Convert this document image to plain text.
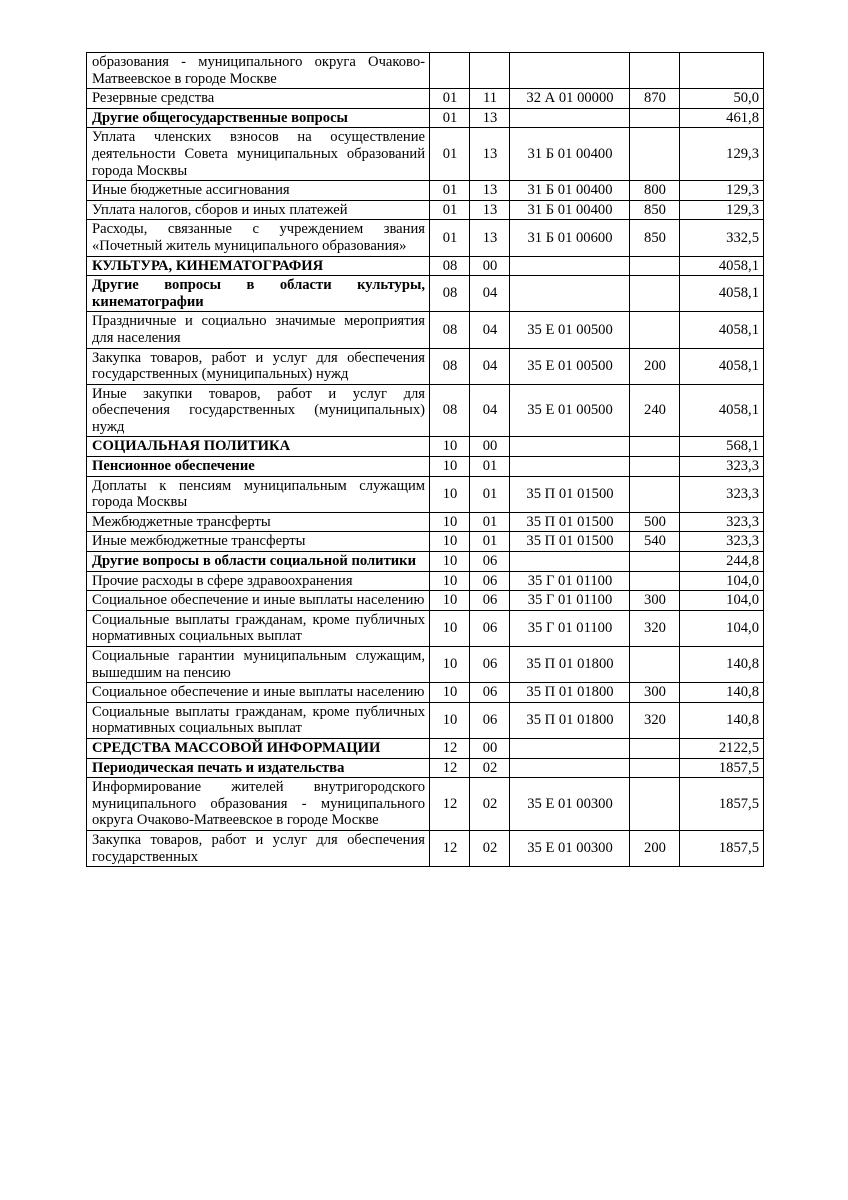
образования - муниципального округа Очаково-Матвеевское в городе Москве					
Резервные средства	01	11	32 А 01 00000	870	50,0
Другие общегосударственные вопросы	01	13			461,8
Уплата членских взносов на осуществление деятельности Совета муниципальных образований города Москвы	01	13	31 Б 01 00400		129,3
Иные бюджетные ассигнования	01	13	31 Б 01 00400	800	129,3
Уплата налогов, сборов и иных платежей	01	13	31 Б 01 00400	850	129,3
Расходы, связанные с учреждением звания «Почетный житель муниципального образования»	01	13	31 Б 01 00600	850	332,5
КУЛЬТУРА, КИНЕМАТОГРАФИЯ	08	00			4058,1
Другие вопросы в области культуры, кинематографии	08	04			4058,1
Праздничные и социально значимые мероприятия для населения	08	04	35 Е 01 00500		4058,1
Закупка товаров, работ и услуг для обеспечения государственных (муниципальных) нужд	08	04	35 Е 01 00500	200	4058,1
Иные закупки товаров, работ и услуг для обеспечения государственных (муниципальных) нужд	08	04	35 Е 01 00500	240	4058,1
СОЦИАЛЬНАЯ ПОЛИТИКА	10	00			568,1
Пенсионное обеспечение	10	01			323,3
Доплаты к пенсиям муниципальным служащим города Москвы	10	01	35 П 01 01500		323,3
Межбюджетные трансферты	10	01	35 П 01 01500	500	323,3
Иные межбюджетные трансферты	10	01	35 П 01 01500	540	323,3
Другие вопросы в области социальной политики	10	06			244,8
Прочие расходы в сфере здравоохранения	10	06	35 Г 01 01100		104,0
Социальное обеспечение и иные выплаты населению	10	06	35 Г 01 01100	300	104,0
Социальные выплаты гражданам, кроме публичных нормативных социальных выплат	10	06	35 Г 01 01100	320	104,0
Социальные гарантии муниципальным служащим, вышедшим на пенсию	10	06	35 П 01 01800		140,8
Социальное обеспечение и иные выплаты населению	10	06	35 П 01 01800	300	140,8
Социальные выплаты гражданам, кроме публичных нормативных социальных выплат	10	06	35 П 01 01800	320	140,8
СРЕДСТВА МАССОВОЙ ИНФОРМАЦИИ	12	00			2122,5
Периодическая печать и издательства	12	02			1857,5
Информирование жителей внутригородского муниципального образования - муниципального округа Очаково-Матвеевское в городе Москве	12	02	35 Е 01 00300		1857,5
Закупка товаров, работ и услуг для обеспечения государственных	12	02	35 Е 01 00300	200	1857,5
